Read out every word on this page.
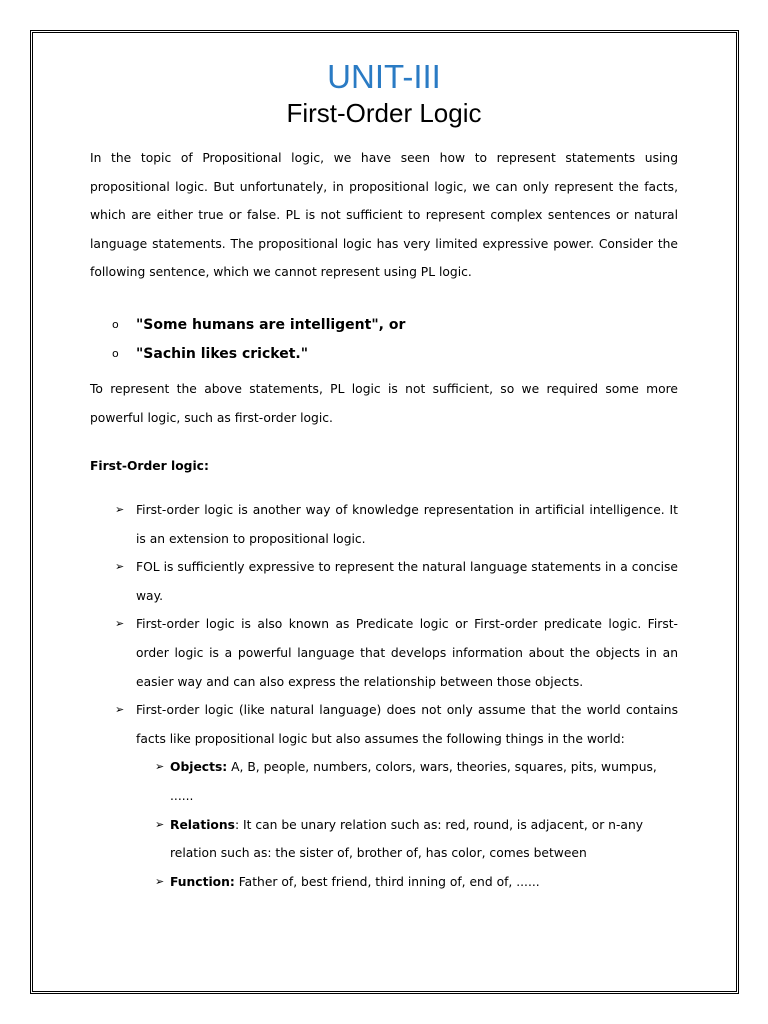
UNIT-III
First-Order Logic

In the topic of Propositional logic, we have seen how to represent statements using propositional logic. But unfortunately, in propositional logic, we can only represent the facts, which are either true or false. PL is not sufficient to represent complex sentences or natural language statements. The propositional logic has very limited expressive power. Consider the following sentence, which we cannot represent using PL logic.

o	"Some humans are intelligent", or
o	"Sachin likes cricket."

To represent the above statements, PL logic is not sufficient, so we required some more powerful logic, such as first-order logic.

First-Order logic:
➢ First-order logic is another way of knowledge representation in artificial intelligence. It is an extension to propositional logic.
➢ FOL is sufficiently expressive to represent the natural language statements in a concise way.
➢ First-order logic is also known as Predicate logic or First-order predicate logic. First-order logic is a powerful language that develops information about the objects in an easier way and can also express the relationship between those objects.
➢ First-order logic (like natural language) does not only assume that the world contains facts like propositional logic but also assumes the following things in the world:
➢ Objects: A, B, people, numbers, colors, wars, theories, squares, pits, wumpus, ......
➢ Relations: It can be unary relation such as: red, round, is adjacent, or n-any relation such as: the sister of, brother of, has color, comes between
➢ Function: Father of, best friend, third inning of, end of, ......
